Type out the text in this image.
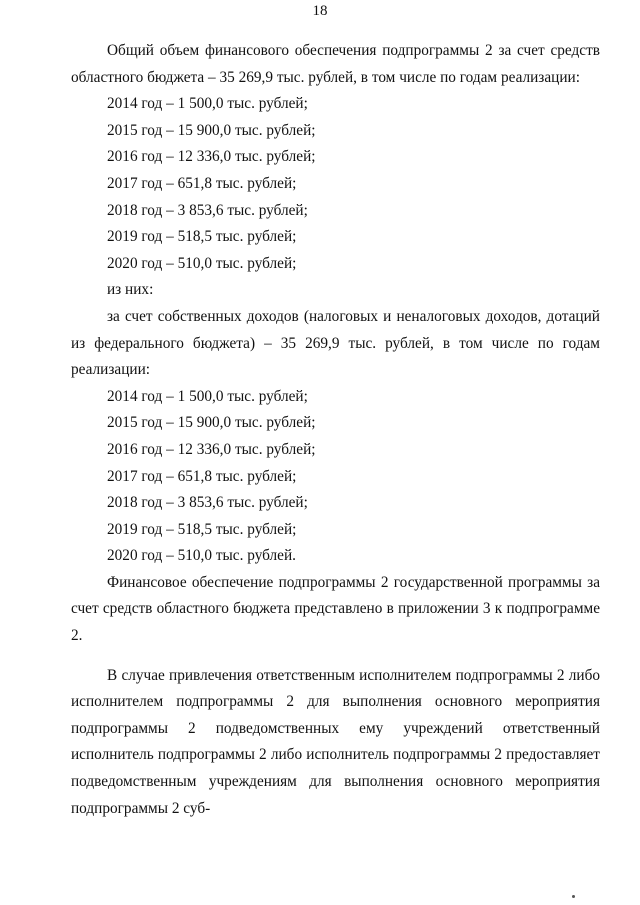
18

Общий объем финансового обеспечения подпрограммы 2 за счет средств областного бюджета – 35 269,9 тыс. рублей, в том числе по годам реализации:

2014 год – 1 500,0 тыс. рублей;

2015 год – 15 900,0 тыс. рублей;

2016 год – 12 336,0 тыс. рублей;

2017 год – 651,8 тыс. рублей;

2018 год – 3 853,6 тыс. рублей;

2019 год – 518,5 тыс. рублей;

2020 год – 510,0 тыс. рублей;

из них:

за счет собственных доходов (налоговых и неналоговых доходов, дотаций из федерального бюджета) – 35 269,9 тыс. рублей, в том числе по годам реализации:

2014 год – 1 500,0 тыс. рублей;

2015 год – 15 900,0 тыс. рублей;

2016 год – 12 336,0 тыс. рублей;

2017 год – 651,8 тыс. рублей;

2018 год – 3 853,6 тыс. рублей;

2019 год – 518,5 тыс. рублей;

2020 год – 510,0 тыс. рублей.

Финансовое обеспечение подпрограммы 2 государственной программы за счет средств областного бюджета представлено в приложении 3 к подпрограмме 2.

В случае привлечения ответственным исполнителем подпрограммы 2 либо исполнителем подпрограммы 2 для выполнения основного мероприятия подпрограммы 2 подведомственных ему учреждений ответственный исполнитель подпрограммы 2 либо исполнитель подпрограммы 2 предоставляет подведомственным учреждениям для выполнения основного мероприятия подпрограммы 2 суб-
